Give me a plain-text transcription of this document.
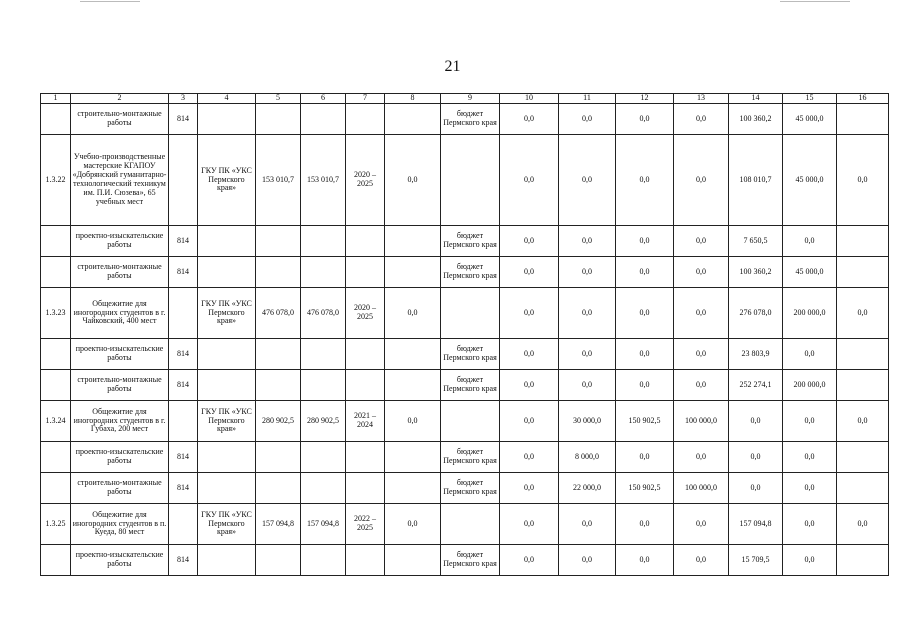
21
1	2	3	4	5	6	7	8	9	10	11	12	13	14	15	16
	строительно-монтажные работы	814						бюджет Пермского края	0,0	0,0	0,0	0,0	100 360,2	45 000,0	
1.3.22	Учебно-производственные мастерские КГАПОУ «Добрянский гуманитарно-технологический техникум им. П.И. Сюзева», 65 учебных мест		ГКУ ПК «УКС Пермского края»	153 010,7	153 010,7	2020 – 2025	0,0		0,0	0,0	0,0	0,0	108 010,7	45 000,0	0,0
	проектно-изыскательские работы	814						бюджет Пермского края	0,0	0,0	0,0	0,0	7 650,5	0,0	
	строительно-монтажные работы	814						бюджет Пермского края	0,0	0,0	0,0	0,0	100 360,2	45 000,0	
1.3.23	Общежитие для иногородних студентов в г. Чайковский, 400 мест		ГКУ ПК «УКС Пермского края»	476 078,0	476 078,0	2020 – 2025	0,0		0,0	0,0	0,0	0,0	276 078,0	200 000,0	0,0
	проектно-изыскательские работы	814						бюджет Пермского края	0,0	0,0	0,0	0,0	23 803,9	0,0	
	строительно-монтажные работы	814						бюджет Пермского края	0,0	0,0	0,0	0,0	252 274,1	200 000,0	
1.3.24	Общежитие для иногородних студентов в г. Губаха, 200 мест		ГКУ ПК «УКС Пермского края»	280 902,5	280 902,5	2021 – 2024	0,0		0,0	30 000,0	150 902,5	100 000,0	0,0	0,0	0,0
	проектно-изыскательские работы	814						бюджет Пермского края	0,0	8 000,0	0,0	0,0	0,0	0,0	
	строительно-монтажные работы	814						бюджет Пермского края	0,0	22 000,0	150 902,5	100 000,0	0,0	0,0	
1.3.25	Общежитие для иногородних студентов в п. Куеда, 80 мест		ГКУ ПК «УКС Пермского края»	157 094,8	157 094,8	2022 – 2025	0,0		0,0	0,0	0,0	0,0	157 094,8	0,0	0,0
	проектно-изыскательские работы	814						бюджет Пермского края	0,0	0,0	0,0	0,0	15 709,5	0,0	
